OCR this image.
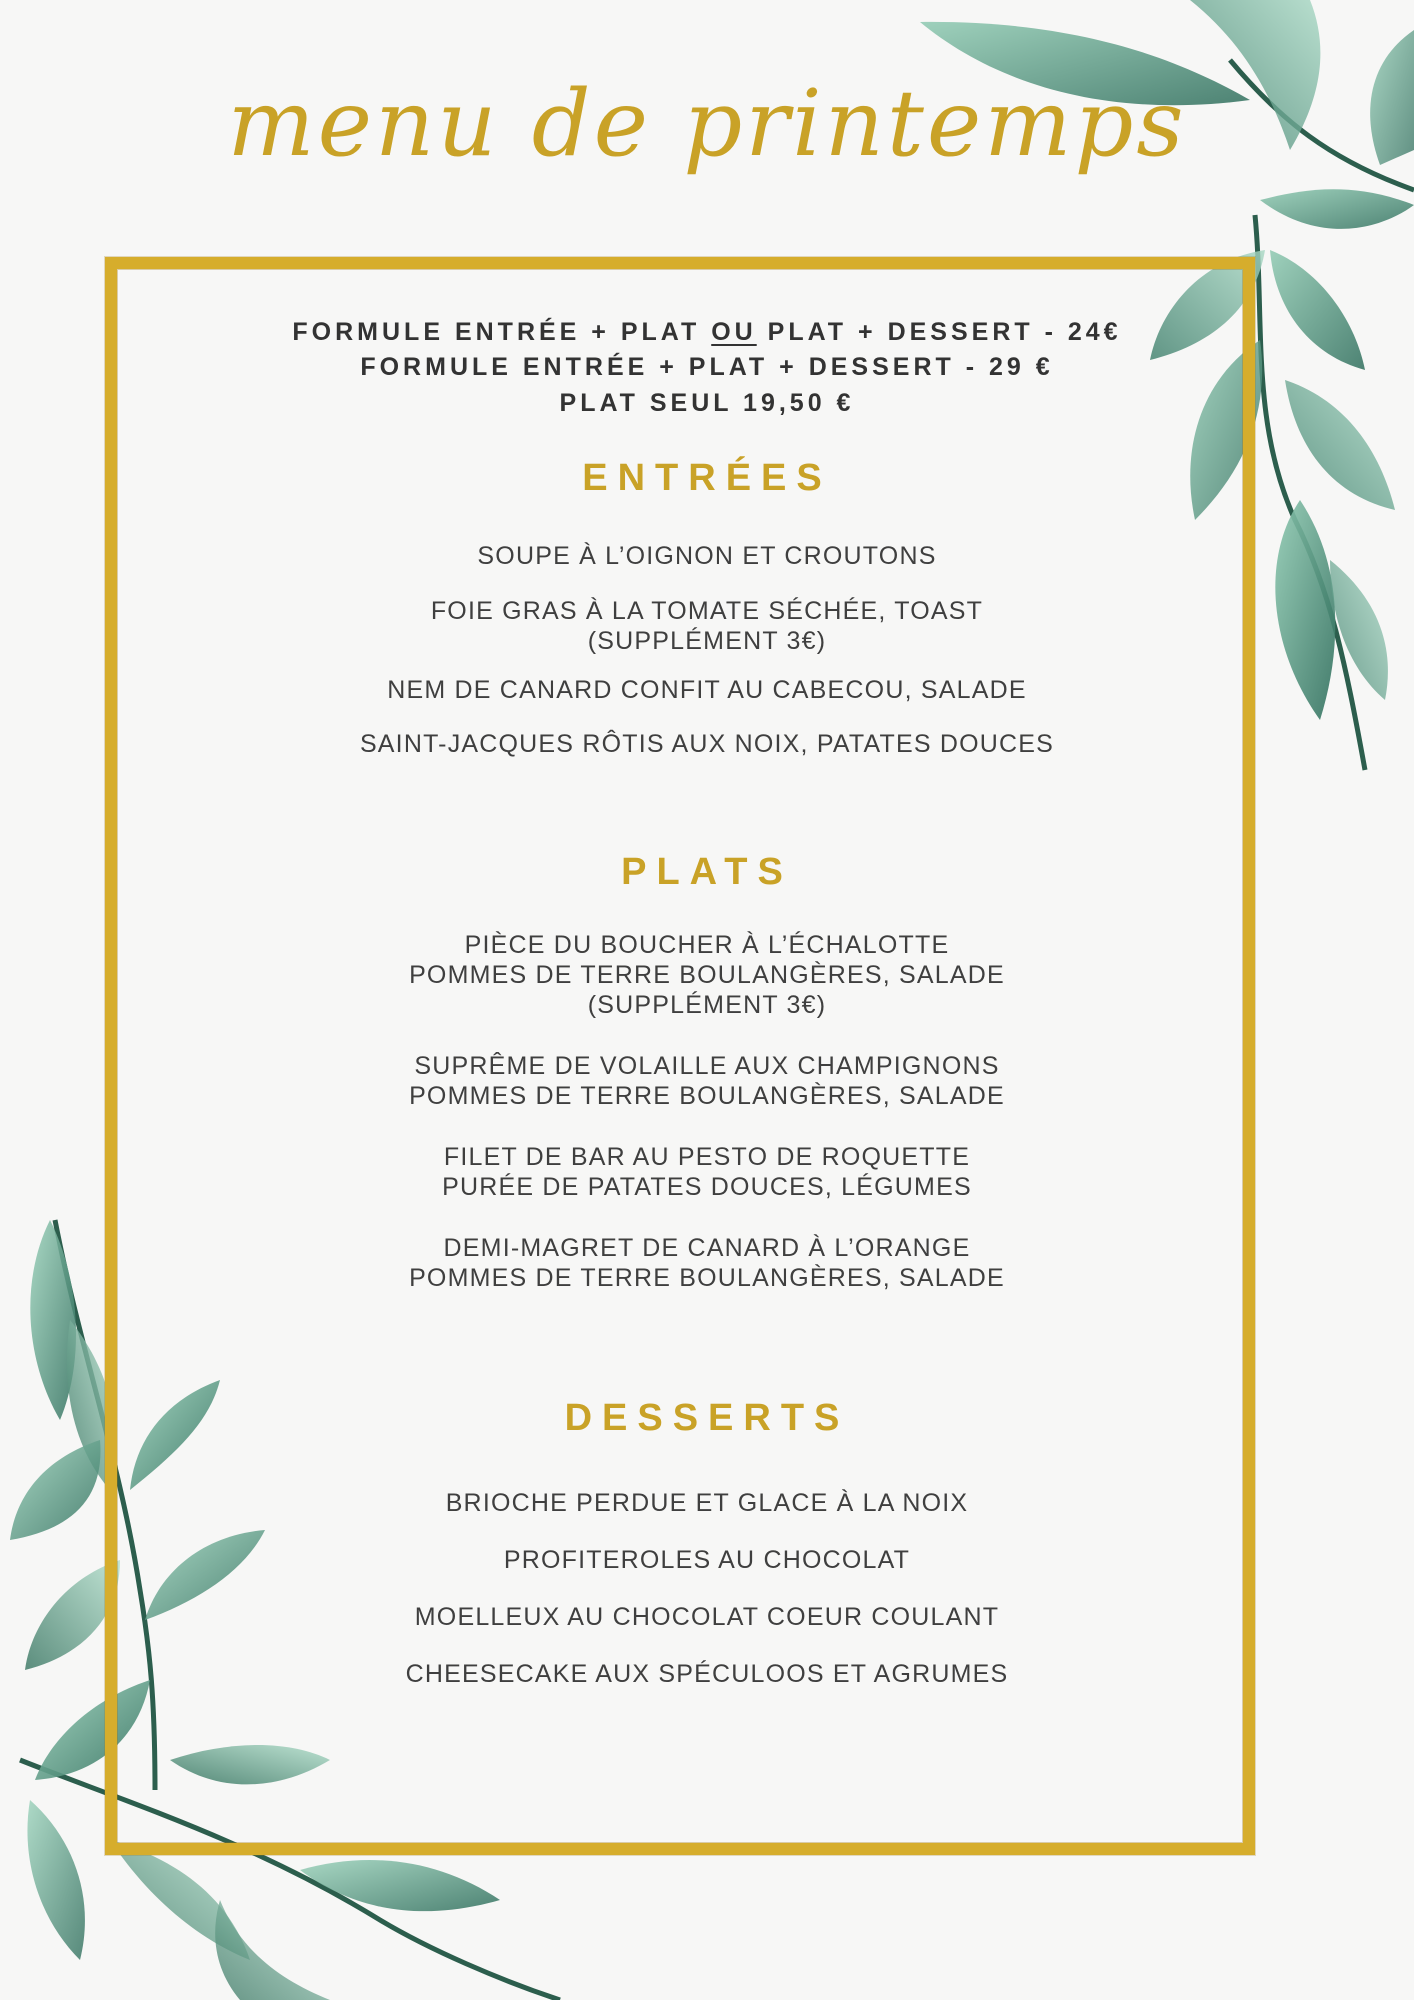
menu de printemps
FORMULE ENTRÉE + PLAT OU PLAT + DESSERT - 24€
FORMULE ENTRÉE + PLAT + DESSERT - 29 €
PLAT SEUL 19,50 €
ENTRÉES
SOUPE À L’OIGNON ET CROUTONS
FOIE GRAS À LA TOMATE SÉCHÉE, TOAST
(SUPPLÉMENT 3€)
NEM DE CANARD CONFIT AU CABECOU, SALADE
SAINT-JACQUES RÔTIS AUX NOIX, PATATES DOUCES
PLATS
PIÈCE DU BOUCHER À L’ÉCHALOTTE
POMMES DE TERRE BOULANGÈRES, SALADE
(SUPPLÉMENT 3€)
SUPRÊME DE VOLAILLE AUX CHAMPIGNONS
POMMES DE TERRE BOULANGÈRES, SALADE
FILET DE BAR AU PESTO DE ROQUETTE
PURÉE DE PATATES DOUCES, LÉGUMES
DEMI-MAGRET DE CANARD À L’ORANGE
POMMES DE TERRE BOULANGÈRES, SALADE
DESSERTS
BRIOCHE PERDUE ET GLACE À LA NOIX
PROFITEROLES AU CHOCOLAT
MOELLEUX AU CHOCOLAT COEUR COULANT
CHEESECAKE AUX SPÉCULOOS ET AGRUMES
